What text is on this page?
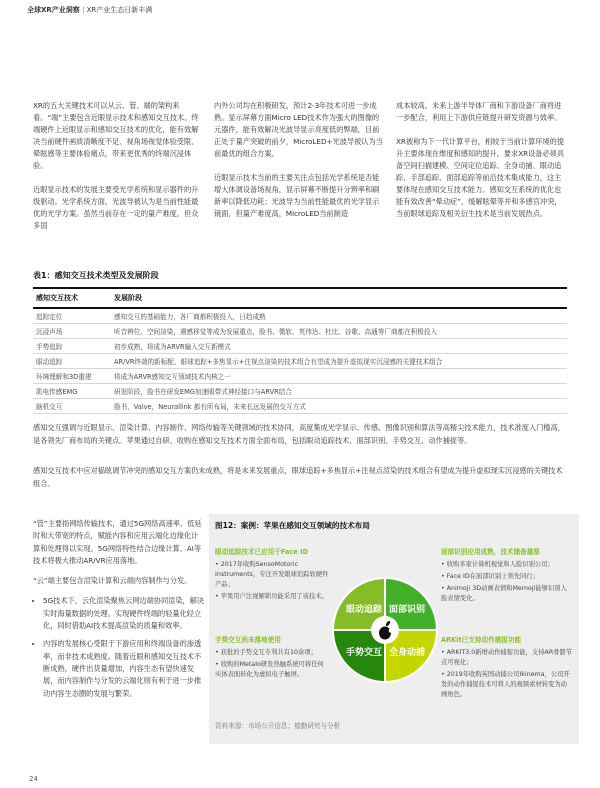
全球XR产业洞察 | XR产业生态日新丰满

XR的五大关键技术可以从云、管、端的架构来看。“端”主要包含近眼显示技术和感知交互技术。终端硬件上近眼显示和感知交互技术的优化，能有效解决当前硬件画质清晰度不足、视角场视觉体验受限、晕眩感等主要体验痛点，带来更优秀的终端沉浸体验。

近眼显示技术的发展主要受光学系统和显示器件的升级驱动。光学系统方面，光波导被认为是当前性能最优的光学方案。虽然当前存在一定的量产难度，但众多国

内外公司均在积极研发，预计2-3年技术可进一步成熟。显示屏幕方面Micro LED技术作为强大的图像的元器件，能有效解决光波导显示亮度低的弊端，目前正处于量产突破的前夕，MicroLED+光波导被认为当前最优的组合方案。

近眼显示技术当前的主要关注点包括光学系统是否能增大体调设备场视角，显示屏幕不断提升分辨率和刷新率以降低功耗；光波导为当前性能最优的光学显示镜面，但量产难度高，MicroLED当前制造

成本较高，未来上游半导体厂商和下游设备厂商将进一步配合，利用上下游供应链提升研发资源与效率。

XR被称为下一代计算平台，相较于当前计算环境的提升主要体现在维度和感知的提升，要求XR设备必须具备空间扫描建模、空间定位追踪、全身动捕、眼动追踪、手部追踪、面部追踪等前沿技术集成能力，这主要体现在感知交互技术能力。感知交互系统的优化也能有效改善“晕动症”，缓解眩晕等并和多感官冲突，当前眼球追踪及相关衍生技术是当前发展热点。

表1：感知交互技术类型及发展阶段
感知交互技术	发展阶段
追踪定位	感知交互的基础能力，各厂商都积极投入，日趋成熟
沉浸声场	听音辨位、空间渲染，遇感移觉等成为发展重点，脸书、微软、英伟达、杜比、谷歌、高通等厂商都在积极投入
手势追踪	初步成熟，将成为ARVR输入交互新模式
眼动追踪	AR/VR终端的新标配，眼球追踪+多焦显示+注视点渲染的技术组合有望成为提升虚拟现实沉浸感的关键技术组合
环境理解和3D重建	将成为ARVR感知交互领域技术内核之一
肌电传感EMG	研发阶段，脸书在研发EMG加速眼带式神经接口与ARVR结合
脑机交互	脸书，Valve，Neurallink 都有所布局，未来长远发展的交互方式

感知交互强调与近眼显示、渲染计算、内容制作、网络传输等关键领域的技术协同，高度集成光学显示、传感、图像识别和算法等高精尖技术能力，技术准度入门槛高，是各领先厂商布局的关键点。苹果通过自研、收购在感知交互技术方面全面布局，包括眼动追踪技术、面部识别、手势交互、动作捕捉等。

感知交互技术中应对榀眩调节冲突的感知交互方案仍未成熟，将是未来发展重点，眼球追踪+多焦显示+注视点渲染的技术组合有望成为提升虚拟现实沉浸感的关键技术组合。

“管”主要指网络传输技术，通过5G网络高速率、低延时和大带宽的特点，赋能内容和应用云端化边缘化计算和处理得以实现。5G网络特性结合边缘计算、AI等技术将极大推动AR/VR应用落地。

“云”端主要包含渲染计算和云端内容制作与分发。

• 5G技术下，云化渲染聚焦云网边端协同渲染，解决实时海量数据的处理。实现硬件终端的轻量化轻立化，同时借助AI技术提高渲染的质量和效率。
• 内容的发展核心受限于下游应用和终端设备的渗透率，而非技术成熟度。随着近眼和感知交互技术不断成熟，硬件出货量增加，内容生态有望快速发展，而内容制作与分发的云端化则有利于进一步推动内容生态圈的发展与繁荣。
图12：案例：苹果在感知交互领域的技术布局
眼动追踪技术已应用于Face ID
• 2017年收购SensoMotoric Instruments，专注开发眼球追踪软硬件产品；
• 苹果用户注视解锁功能采用了该技术。
手势交互尚未落地使用
• 获批的手势交互专利共有10余项；
• 收购的Metalo研发热触系统可将任何实体表面转化为虚拟电子触屏。
面部识别应用成熟，技术储备雄厚
• 收购多家计算机视觉和人脸识别公司；
• Face ID在面部识别上领先同行；
• Animoji 3D动画表情和Memoji能够识别人脸表情变化。
ARKit已支持动作捕捉功能
• ARKIT3.0新增动作捕捉功能，支持AR骨骼节点可视化；
• 2019年收购英国动捕公司Ikinema，公司开发的动作捕捉技术可将人的视频素材转变为动画角色。
眼动追踪 面部识别
手势交互 全身动捕
资料来源：市场公开信息；德勤研究与分析
24
